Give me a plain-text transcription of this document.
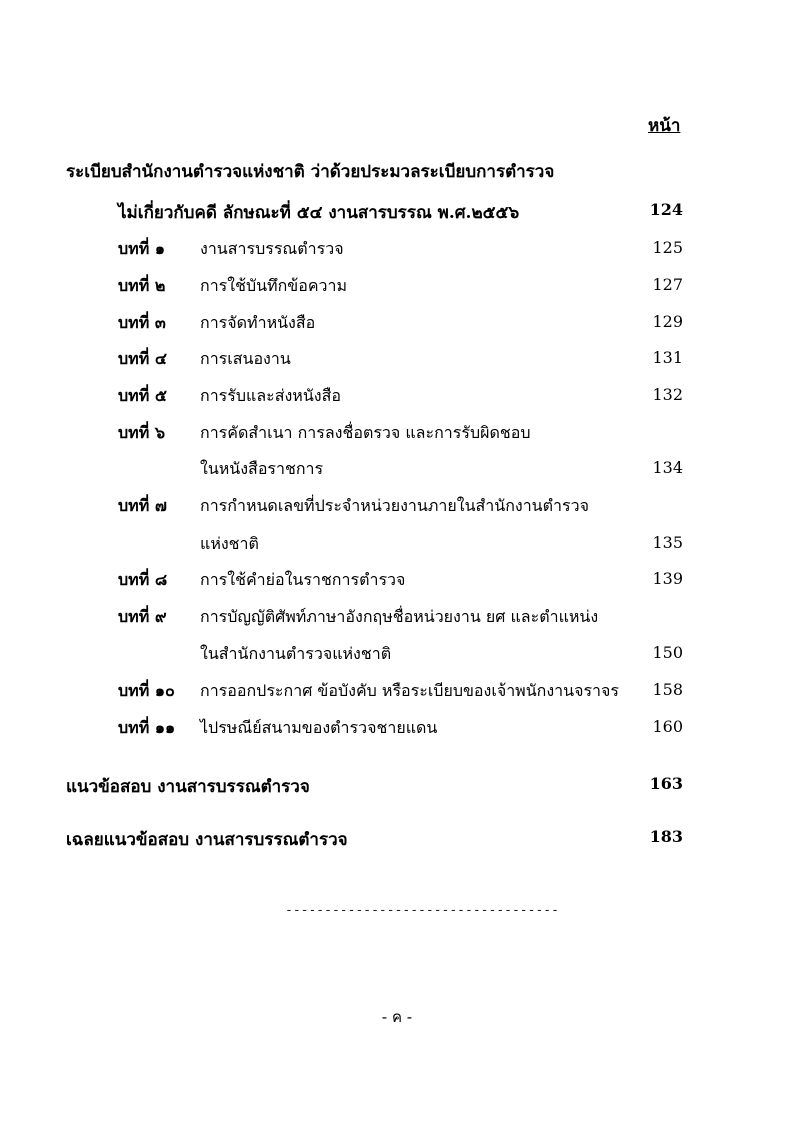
หน้า
ระเบียบสำนักงานตำรวจแห่งชาติ ว่าด้วยประมวลระเบียบการตำรวจ
ไม่เกี่ยวกับคดี ลักษณะที่ ๕๔ งานสารบรรณ พ.ศ.๒๕๕๖	124
บทที่ ๑ งานสารบรรณตำรวจ	125
บทที่ ๒ การใช้บันทึกข้อความ	127
บทที่ ๓ การจัดทำหนังสือ	129
บทที่ ๔ การเสนองาน	131
บทที่ ๕ การรับและส่งหนังสือ	132
บทที่ ๖ การคัดสำเนา การลงชื่อตรวจ และการรับผิดชอบ
ในหนังสือราชการ	134
บทที่ ๗ การกำหนดเลขที่ประจำหน่วยงานภายในสำนักงานตำรวจ
แห่งชาติ	135
บทที่ ๘ การใช้คำย่อในราชการตำรวจ	139
บทที่ ๙ การบัญญัติศัพท์ภาษาอังกฤษชื่อหน่วยงาน ยศ และตำแหน่ง
ในสำนักงานตำรวจแห่งชาติ	150
บทที่ ๑๐ การออกประกาศ ข้อบังคับ หรือระเบียบของเจ้าพนักงานจราจร 158
บทที่ ๑๑ ไปรษณีย์สนามของตำรวจชายแดน	160
แนวข้อสอบ งานสารบรรณตำรวจ	163
เฉลยแนวข้อสอบ งานสารบรรณตำรวจ	183
-----------------------------------
- ค -
